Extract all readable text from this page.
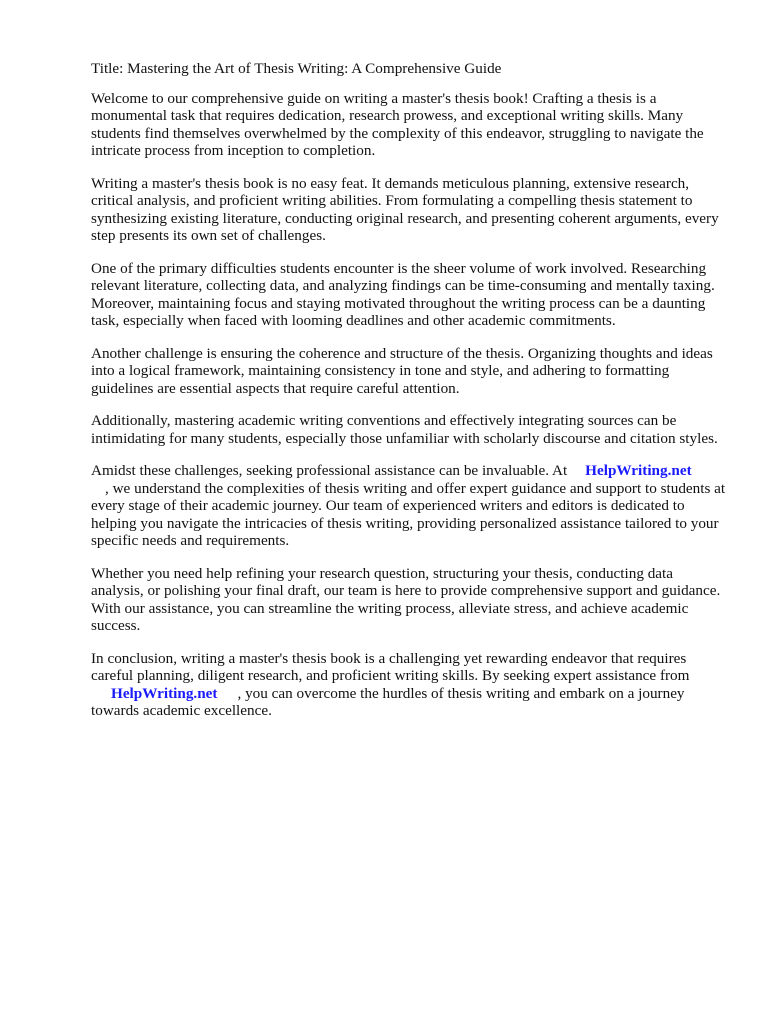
Title: Mastering the Art of Thesis Writing: A Comprehensive Guide

Welcome to our comprehensive guide on writing a master's thesis book! Crafting a thesis is a monumental task that requires dedication, research prowess, and exceptional writing skills. Many students find themselves overwhelmed by the complexity of this endeavor, struggling to navigate the intricate process from inception to completion.

Writing a master's thesis book is no easy feat. It demands meticulous planning, extensive research, critical analysis, and proficient writing abilities. From formulating a compelling thesis statement to synthesizing existing literature, conducting original research, and presenting coherent arguments, every step presents its own set of challenges.

One of the primary difficulties students encounter is the sheer volume of work involved. Researching relevant literature, collecting data, and analyzing findings can be time-consuming and mentally taxing. Moreover, maintaining focus and staying motivated throughout the writing process can be a daunting task, especially when faced with looming deadlines and other academic commitments.

Another challenge is ensuring the coherence and structure of the thesis. Organizing thoughts and ideas into a logical framework, maintaining consistency in tone and style, and adhering to formatting guidelines are essential aspects that require careful attention.

Additionally, mastering academic writing conventions and effectively integrating sources can be intimidating for many students, especially those unfamiliar with scholarly discourse and citation styles.

Amidst these challenges, seeking professional assistance can be invaluable. At HelpWriting.net
, we understand the complexities of thesis writing and offer expert guidance and support to students at every stage of their academic journey. Our team of experienced writers and editors is dedicated to helping you navigate the intricacies of thesis writing, providing personalized assistance tailored to your specific needs and requirements.

Whether you need help refining your research question, structuring your thesis, conducting data analysis, or polishing your final draft, our team is here to provide comprehensive support and guidance. With our assistance, you can streamline the writing process, alleviate stress, and achieve academic success.

In conclusion, writing a master's thesis book is a challenging yet rewarding endeavor that requires careful planning, diligent research, and proficient writing skills. By seeking expert assistance from
HelpWriting.net , you can overcome the hurdles of thesis writing and embark on a journey towards academic excellence.
